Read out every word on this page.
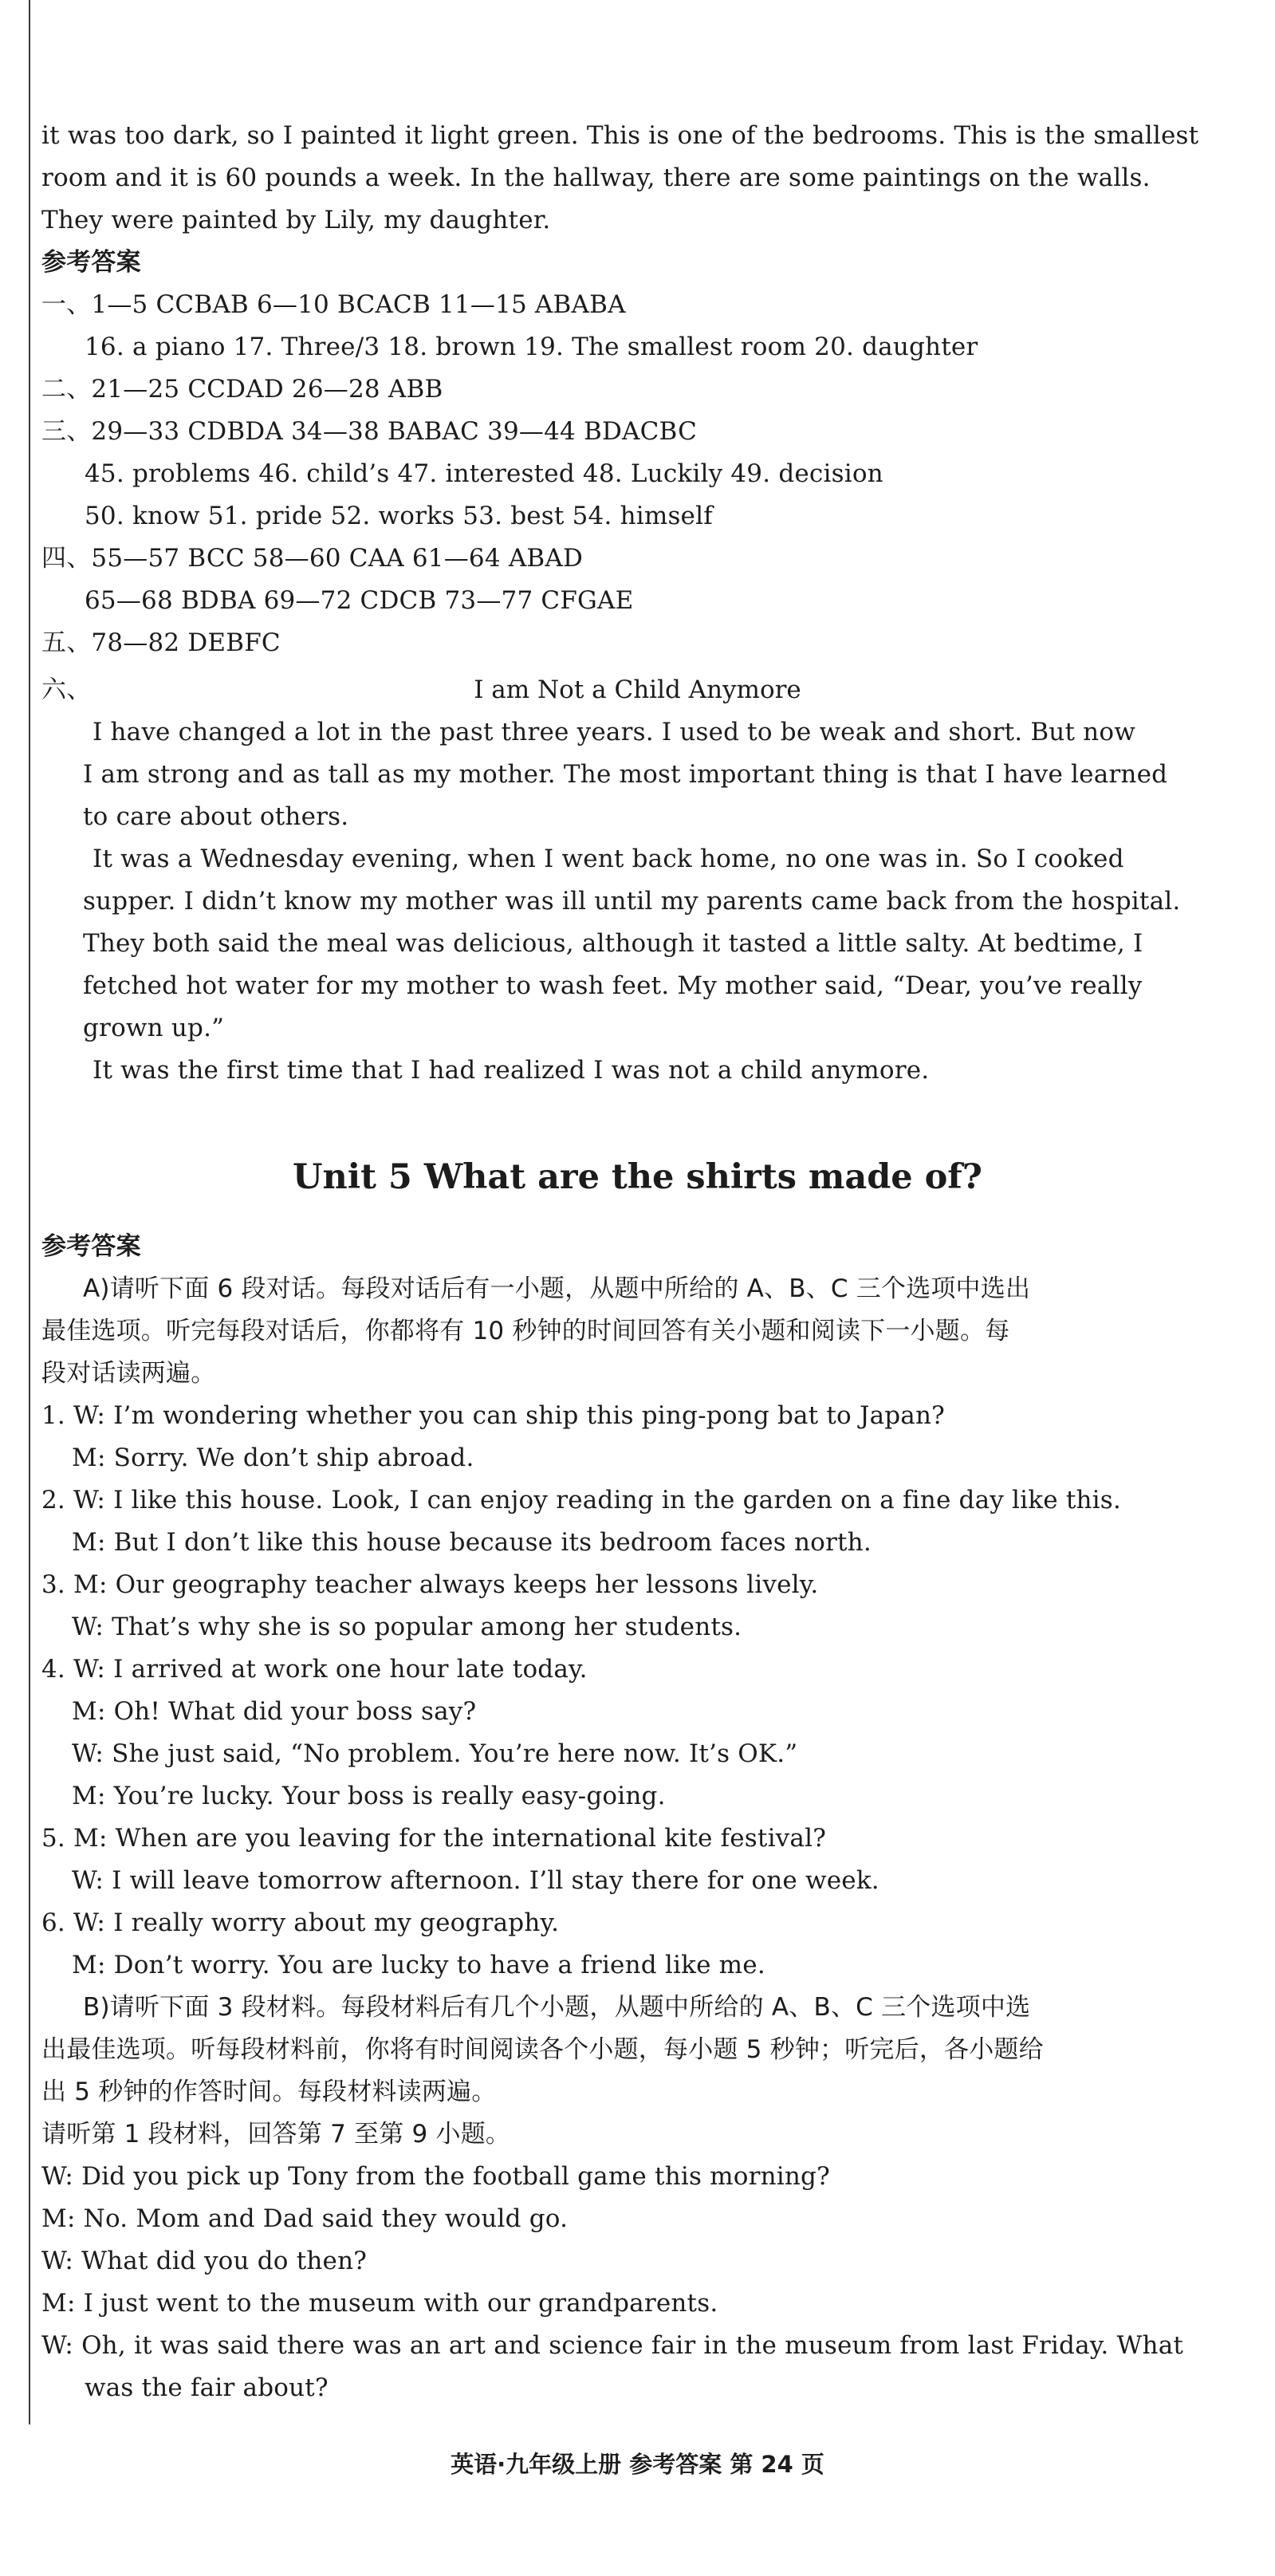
it was too dark, so I painted it light green. This is one of the bedrooms. This is the smallest
room and it is 60 pounds a week. In the hallway, there are some paintings on the walls.
They were painted by Lily, my daughter.
参考答案
一、1—5 CCBAB 6—10 BCACB 11—15 ABABA
16. a piano 17. Three/3 18. brown 19. The smallest room 20. daughter
二、21—25 CCDAD 26—28 ABB
三、29—33 CDBDA 34—38 BABAC 39—44 BDACBC
45. problems 46. child’s 47. interested 48. Luckily 49. decision
50. know 51. pride 52. works 53. best 54. himself
四、55—57 BCC 58—60 CAA 61—64 ABAD
65—68 BDBA 69—72 CDCB 73—77 CFGAE
五、78—82 DEBFC
六、	I am Not a Child Anymore
I have changed a lot in the past three years. I used to be weak and short. But now
I am strong and as tall as my mother. The most important thing is that I have learned
to care about others.
It was a Wednesday evening, when I went back home, no one was in. So I cooked
supper. I didn’t know my mother was ill until my parents came back from the hospital.
They both said the meal was delicious, although it tasted a little salty. At bedtime, I
fetched hot water for my mother to wash feet. My mother said, “Dear, you’ve really
grown up.”
It was the first time that I had realized I was not a child anymore.
Unit 5 What are the shirts made of?
参考答案
A)请听下面 6 段对话。每段对话后有一小题，从题中所给的 A、B、C 三个选项中选出
最佳选项。听完每段对话后，你都将有 10 秒钟的时间回答有关小题和阅读下一小题。每
段对话读两遍。
1. W: I’m wondering whether you can ship this ping-pong bat to Japan?
M: Sorry. We don’t ship abroad.
2. W: I like this house. Look, I can enjoy reading in the garden on a fine day like this.
M: But I don’t like this house because its bedroom faces north.
3. M: Our geography teacher always keeps her lessons lively.
W: That’s why she is so popular among her students.
4. W: I arrived at work one hour late today.
M: Oh! What did your boss say?
W: She just said, “No problem. You’re here now. It’s OK.”
M: You’re lucky. Your boss is really easy-going.
5. M: When are you leaving for the international kite festival?
W: I will leave tomorrow afternoon. I’ll stay there for one week.
6. W: I really worry about my geography.
M: Don’t worry. You are lucky to have a friend like me.
B)请听下面 3 段材料。每段材料后有几个小题，从题中所给的 A、B、C 三个选项中选
出最佳选项。听每段材料前，你将有时间阅读各个小题，每小题 5 秒钟；听完后，各小题给
出 5 秒钟的作答时间。每段材料读两遍。
请听第 1 段材料，回答第 7 至第 9 小题。
W: Did you pick up Tony from the football game this morning?
M: No. Mom and Dad said they would go.
W: What did you do then?
M: I just went to the museum with our grandparents.
W: Oh, it was said there was an art and science fair in the museum from last Friday. What
was the fair about?
英语·九年级上册 参考答案 第 24 页
